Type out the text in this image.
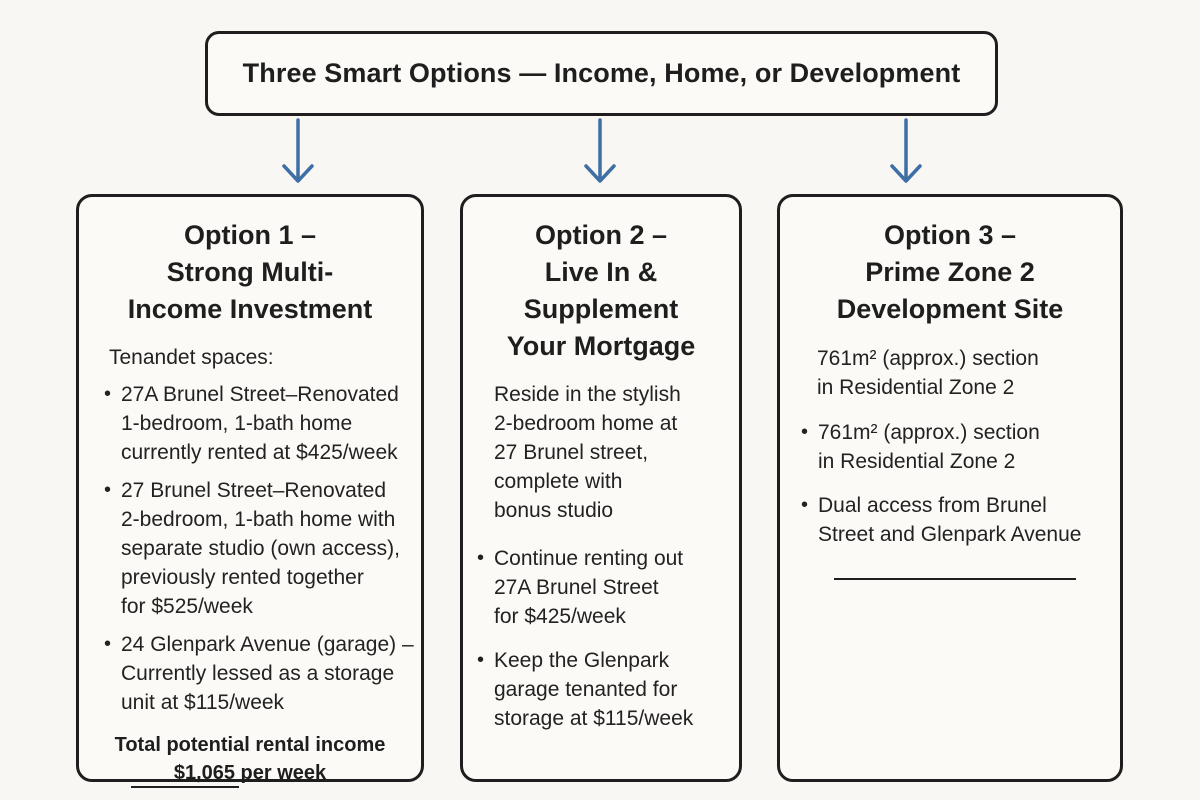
Three Smart Options — Income, Home, or Development
Option 1 –
Strong Multi-
Income Investment
Tenandet spaces:
• 27A Brunel Street–Renovated
1-bedroom, 1-bath home
currently rented at $425/week
• 27 Brunel Street–Renovated
2-bedroom, 1-bath home with
separate studio (own access),
previously rented together
for $525/week
• 24 Glenpark Avenue (garage) –
Currently lessed as a storage
unit at $115/week
Total potential rental income
$1,065 per week
Option 2 –
Live In &
Supplement
Your Mortgage
Reside in the stylish
2-bedroom home at
27 Brunel street,
complete with
bonus studio
• Continue renting out
27A Brunel Street
for $425/week
• Keep the Glenpark
garage tenanted for
storage at $115/week
Option 3 –
Prime Zone 2
Development Site
761m² (approx.) section
in Residential Zone 2
• 761m² (approx.) section
in Residential Zone 2
• Dual access from Brunel
Street and Glenpark Avenue
